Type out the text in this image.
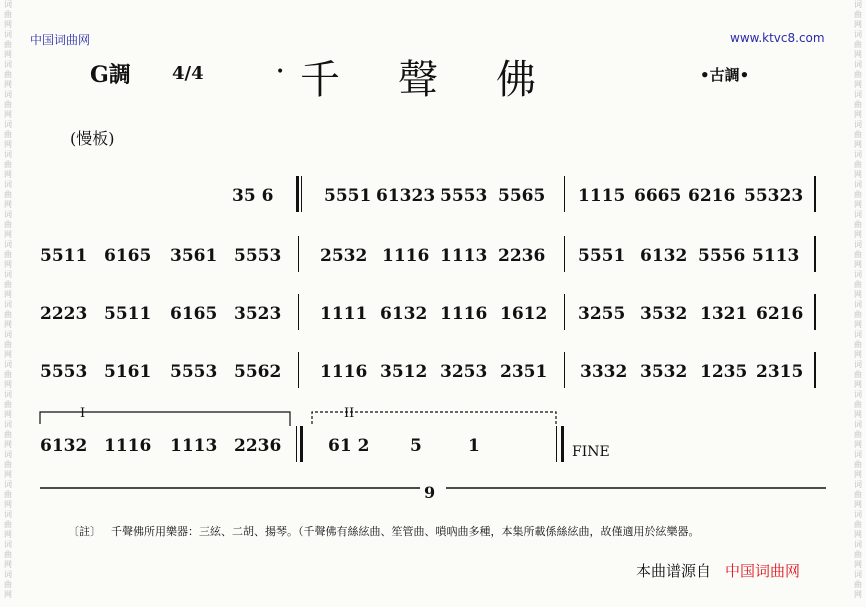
词
曲
网
词
曲
网
词
曲
网
词
曲
网
词
曲
网
词
曲
网
词
曲
网
词
曲
网
词
曲
网
词
曲
网
词
曲
网
词
曲
网
词
曲
网
词
曲
网
词
曲
网
词
曲
网
词
曲
网
词
曲
网
词
曲
网
词
曲
网
词
曲
网
词
曲
网
词
曲
网
词
曲
网
词
曲
网
词
曲
网
词
曲
网
词
曲
网
词
曲
网
词
曲
网
词
曲
网
词
曲
网
词
曲
网
词
曲
网
词
曲
网
词
曲
网
词
曲
网
词
曲
网
词
曲
网
词
曲
网
中国词曲网	www.ktvc8.com
G調 4/4	• 千聲佛	•古調•
(慢板)
35 6	5551 61323 5553 5565 1115 6665 6216 55323
5511 6165 3561 5553 2532 1116 1113 2236 5551 6132 5556 5113
2223 5511 6165 3523 1111 6132 1116 1612 3255 3532 1321 6216
5553 5161 5553 5562 1116 3512 3253 2351 3332 3532 1235 2315
I	II
6132 1116 1113 2236	61 2 5	1	FINE
9
〔註〕 千聲佛所用樂器：三絃、二胡、揚琴。（千聲佛有絲絃曲、笙管曲、嗩吶曲多種，本集所載係絲絃曲，故僅適用於絃樂器。
本曲谱源自 中国词曲网
